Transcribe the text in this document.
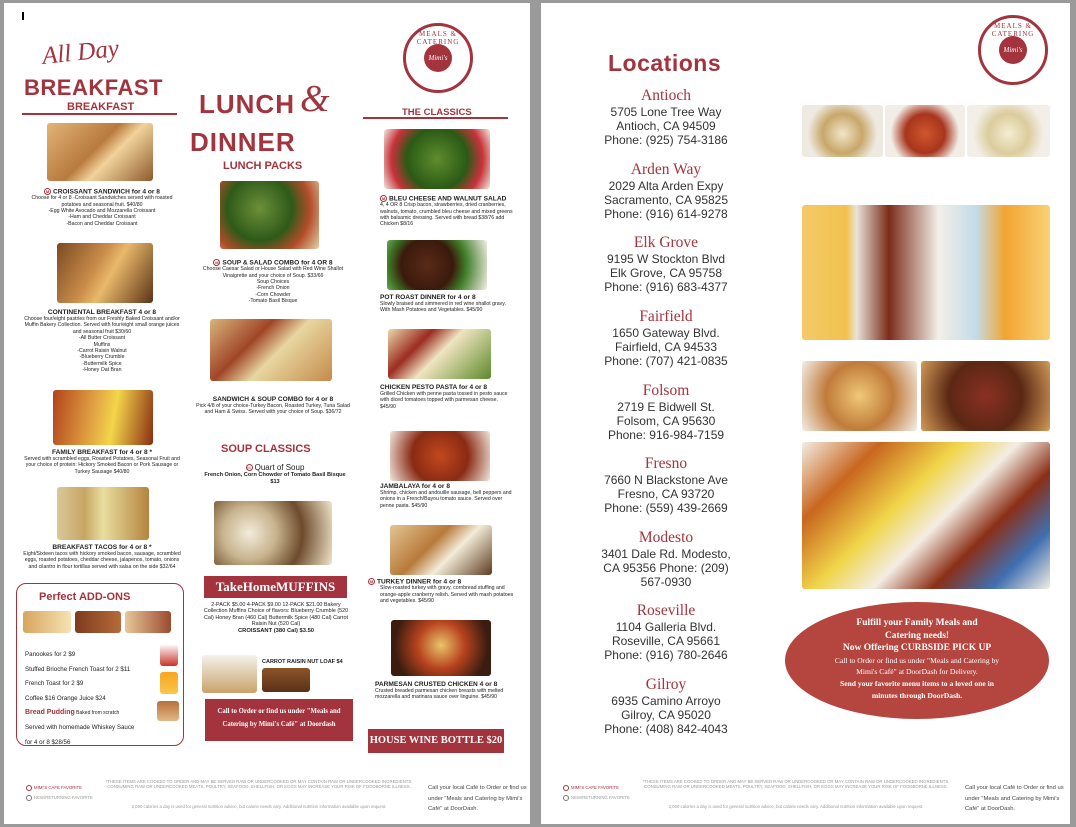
Mimi's
MEALS & CATERING
All Day
BREAKFAST
BREAKFAST
M CROISSANT SANDWICH for 4 or 8
Choose for 4 or 8 -Croissant Sandwiches served with roasted potatoes and seasonal fruit. $40/80
-Egg White Avocado and Mozzarella Croissant
-Ham and Cheddar Croissant
-Bacon and Cheddar Croissant
CONTINENTAL BREAKFAST 4 or 8
Choose four/eight pastries from our Freshly Baked Croissant and/or Muffin Bakery Collection. Served with four/eight small orange juices and seasonal fruit $30/60
-All Butter Croissant
Muffins
-Carrot Raisin Walnut
-Blueberry Crumble
-Buttermilk Spice
-Honey Oat Bran
FAMILY BREAKFAST for 4 or 8 *
Served with scrambled eggs, Roasted Potatoes, Seasonal Fruit and your choice of protein: Hickory Smoked Bacon or Pork Sausage or Turkey Sausage $40/80
BREAKFAST TACOS for 4 or 8 *
Eight/Sixteen tacos with hickory smoked bacon, sausage, scrambled eggs, roasted potatoes, cheddar cheese, jalapenos, tomato, onions and cilantro in flour tortillas served with salsa on the side $32/64
Perfect ADD-ONS
Panookes for 2 $9
Stuffed Brioche French Toast for 2 $11
French Toast for 2 $9
Coffee $16 Orange Juice $24
Bread Pudding Baked from scratch
Served with homemade Whiskey Sauce
for 4 or 8 $28/56
LUNCH &
DINNER
LUNCH PACKS
M SOUP & SALAD COMBO for 4 OR 8
Choose Caesar Salad or House Salad with Red Wine Shallot Vinaigrette and your choice of Soup. $33/66
Soup Choices
-French Onion
-Corn Chowder
-Tomato Basil Bisque
SANDWICH & SOUP COMBO for 4 or 8
Pick 4/8 of your choice-Turkey Bacon, Roasted Turkey, Tuna Salad and Ham & Swiss. Served with your choice of Soup. $36/72
SOUP CLASSICS
M Quart of Soup
French Onion, Corn Chowder of Tomato Basil Bisque $13
TakeHomeMUFFINS
2-PACK $5.00 4-PACK $9.00 12-PACK $21.00 Bakery Collection Muffins Choice of flavors: Blueberry Crumble (520 Cal) Honey Bran (460 Cal) Buttermilk Spice (480 Cal) Carrot Raisin Nut (520 Cal)
CROISSANT (380 Cal) $3.50
CARROT RAISIN NUT LOAF $4
Call to Order or find us under "Meals and Catering by Mimi's Café" at Doordash
THE CLASSICS
M BLEU CHEESE AND WALNUT SALAD
4, 4 OR 8 Crisp bacon, strawberries, dried cranberries, walnuts, tomato, crumbled bleu cheese and mixed greens with balsamic dressing. Served with bread $38/76 add Chicken $8/16
POT ROAST DINNER for 4 or 8
Slowly braised and simmered in red wine shallot gravy. With Mash Potatoes and Vegetables. $45/90
CHICKEN PESTO PASTA for 4 or 8
Grilled Chicken with penne pasta tossed in pesto sauce with diced tomatoes topped with parmesan cheese. $45/90
JAMBALAYA for 4 or 8
Shrimp, chicken and andouille sausage, bell peppers and onions in a French/Bayou tomato sauce. Served over penne pasta. $45/90
M TURKEY DINNER for 4 or 8
Slow-roasted turkey with gravy, cornbread stuffing and orange-apple cranberry relish. Served with mash potatoes and vegetables. $45/90
PARMESAN CRUSTED CHICKEN 4 or 8
Crusted breaded parmesan chicken breasts with melted mozzarella and marinara sauce over linguine. $45/90
HOUSE WINE BOTTLE $20
MIMI'S CAFE FAVORITE
NEW/RETURNING FAVORITE
*THESE ITEMS ARE COOKED TO ORDER AND MAY BE SERVED RAW OR UNDERCOOKED OR MAY CONTAIN RAW OR UNDERCOOKED INGREDIENTS. CONSUMING RAW OR UNDERCOOKED MEATS, POULTRY, SEAFOOD, SHELLFISH, OR EGGS MAY INCREASE YOUR RISK OF FOODBORNE ILLNESS.
2,000 calories a day is used for general nutrition advice, but calorie needs vary. Additional nutrition information available upon request.
Call your local Café to Order or find us under "Meals and Catering by Mimi's Café" at DoorDash.
Mimi's
MEALS & CATERING
Locations
Antioch
5705 Lone Tree Way
Antioch, CA 94509
Phone: (925) 754-3186
Arden Way
2029 Alta Arden Expy
Sacramento, CA 95825
Phone: (916) 614-9278
Elk Grove
9195 W Stockton Blvd
Elk Grove, CA 95758
Phone: (916) 683-4377
Fairfield
1650 Gateway Blvd.
Fairfield, CA 94533
Phone: (707) 421-0835
Folsom
2719 E Bidwell St.
Folsom, CA 95630
Phone: 916-984-7159
Fresno
7660 N Blackstone Ave
Fresno, CA 93720
Phone: (559) 439-2669
Modesto
3401 Dale Rd. Modesto,
CA 95356 Phone: (209)
567-0930
Roseville
1104 Galleria Blvd.
Roseville, CA 95661
Phone: (916) 780-2646
Gilroy
6935 Camino Arroyo
Gilroy, CA 95020
Phone: (408) 842-4043
Fulfill your Family Meals and
Catering needs!
Now Offering CURBSIDE PICK UP
Call to Order or find us under "Meals and Catering by
Mimi's Café" at DoorDash for Delivery.
Send your favorite menu items to a loved one in
minutes through DoorDash.
MIMI'S CAFE FAVORITE
NEW/RETURNING FAVORITE
*THESE ITEMS ARE COOKED TO ORDER AND MAY BE SERVED RAW OR UNDERCOOKED OR MAY CONTAIN RAW OR UNDERCOOKED INGREDIENTS. CONSUMING RAW OR UNDERCOOKED MEATS, POULTRY, SEAFOOD, SHELLFISH, OR EGGS MAY INCREASE YOUR RISK OF FOODBORNE ILLNESS.
2,000 calories a day is used for general nutrition advice, but calorie needs vary. Additional nutrition information available upon request.
Call your local Café to Order or find us under "Meals and Catering by Mimi's Café" at DoorDash.
